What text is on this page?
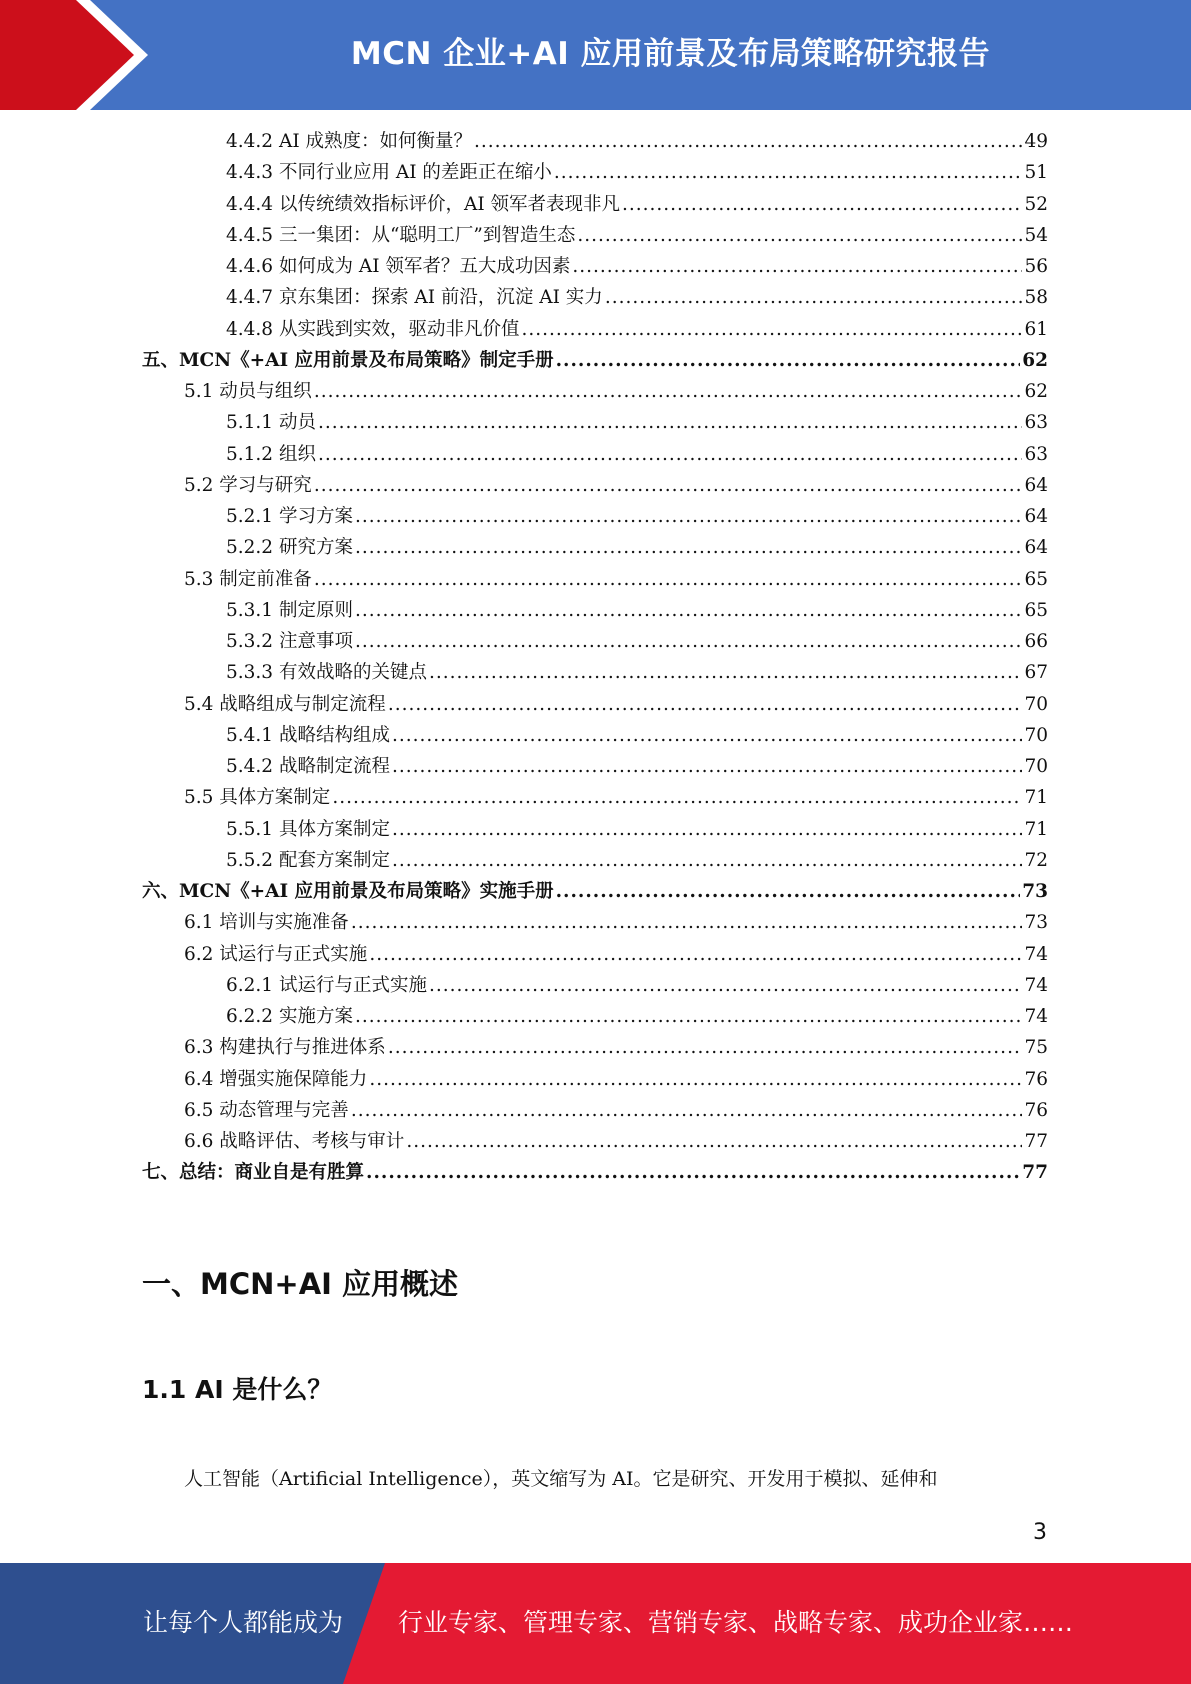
MCN 企业+AI 应用前景及布局策略研究报告
4.4.2 AI 成熟度：如何衡量？ .....	49
4.4.3 不同行业应用 AI 的差距正在缩小 .....	51
4.4.4 以传统绩效指标评价，AI 领军者表现非凡 .....	52
4.4.5 三一集团：从“聪明工厂”到智造生态 .....	54
4.4.6 如何成为 AI 领军者？五大成功因素 .....	56
4.4.7 京东集团：探索 AI 前沿，沉淀 AI 实力 .....	58
4.4.8 从实践到实效，驱动非凡价值 .....	61
五、MCN《+AI 应用前景及布局策略》制定手册 .....	62
5.1 动员与组织 .....	62
5.1.1 动员 .....	63
5.1.2 组织 .....	63
5.2 学习与研究 .....	64
5.2.1 学习方案 .....	64
5.2.2 研究方案 .....	64
5.3 制定前准备 .....	65
5.3.1 制定原则 .....	65
5.3.2 注意事项 .....	66
5.3.3 有效战略的关键点 .....	67
5.4 战略组成与制定流程 .....	70
5.4.1 战略结构组成 .....	70
5.4.2 战略制定流程 .....	70
5.5 具体方案制定 .....	71
5.5.1 具体方案制定 .....	71
5.5.2 配套方案制定 .....	72
六、MCN《+AI 应用前景及布局策略》实施手册 .....	73
6.1 培训与实施准备 .....	73
6.2 试运行与正式实施 .....	74
6.2.1 试运行与正式实施 .....	74
6.2.2 实施方案 .....	74
6.3 构建执行与推进体系 .....	75
6.4 增强实施保障能力 .....	76
6.5 动态管理与完善 .....	76
6.6 战略评估、考核与审计 .....	77
七、总结：商业自是有胜算 .....	77
一、MCN+AI 应用概述
1.1 AI 是什么？
人工智能（Artificial Intelligence），英文缩写为 AI。它是研究、开发用于模拟、延伸和
3
让每个人都能成为 行业专家、管理专家、营销专家、战略专家、成功企业家……
